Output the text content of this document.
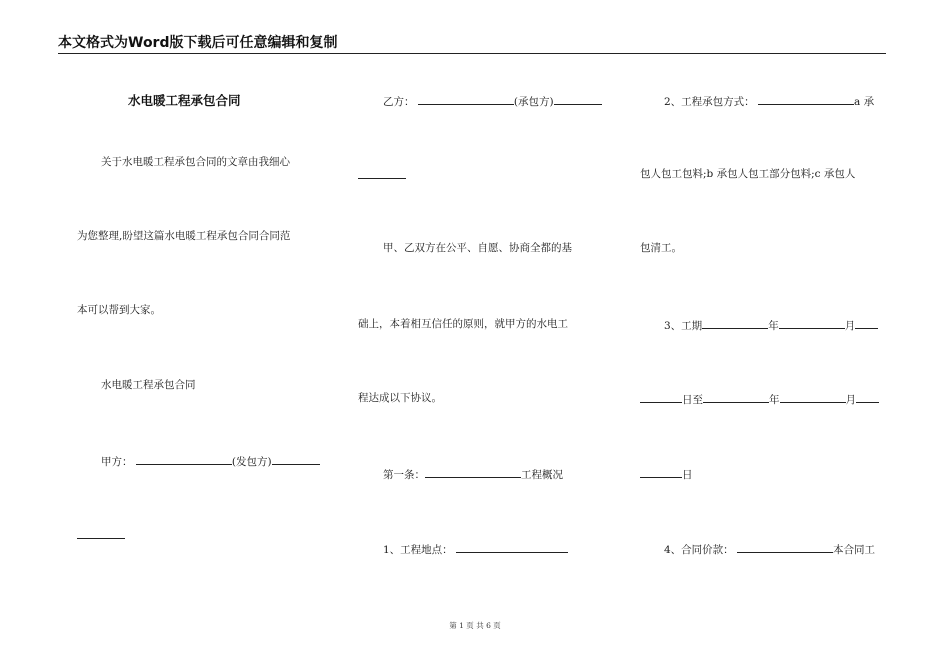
本文格式为Word版下载后可任意编辑和复制
水电暖工程承包合同
关于水电暖工程承包合同的文章由我细心
为您整理,盼望这篇水电暖工程承包合同合同范
本可以帮到大家。
水电暖工程承包合同
甲方：	(发包方)
乙方：	(承包方)
甲、乙双方在公平、自愿、协商全都的基
础上，本着相互信任的原则，就甲方的水电工
程达成以下协议。
第一条：	工程概况
1、工程地点：
2、工程承包方式：	a 承
包人包工包料;b 承包人包工部分包料;c 承包人
包清工。
3、工期	年	月
日至	年	月
日
4、合同价款：	本合同工
第 1 页 共 6 页
